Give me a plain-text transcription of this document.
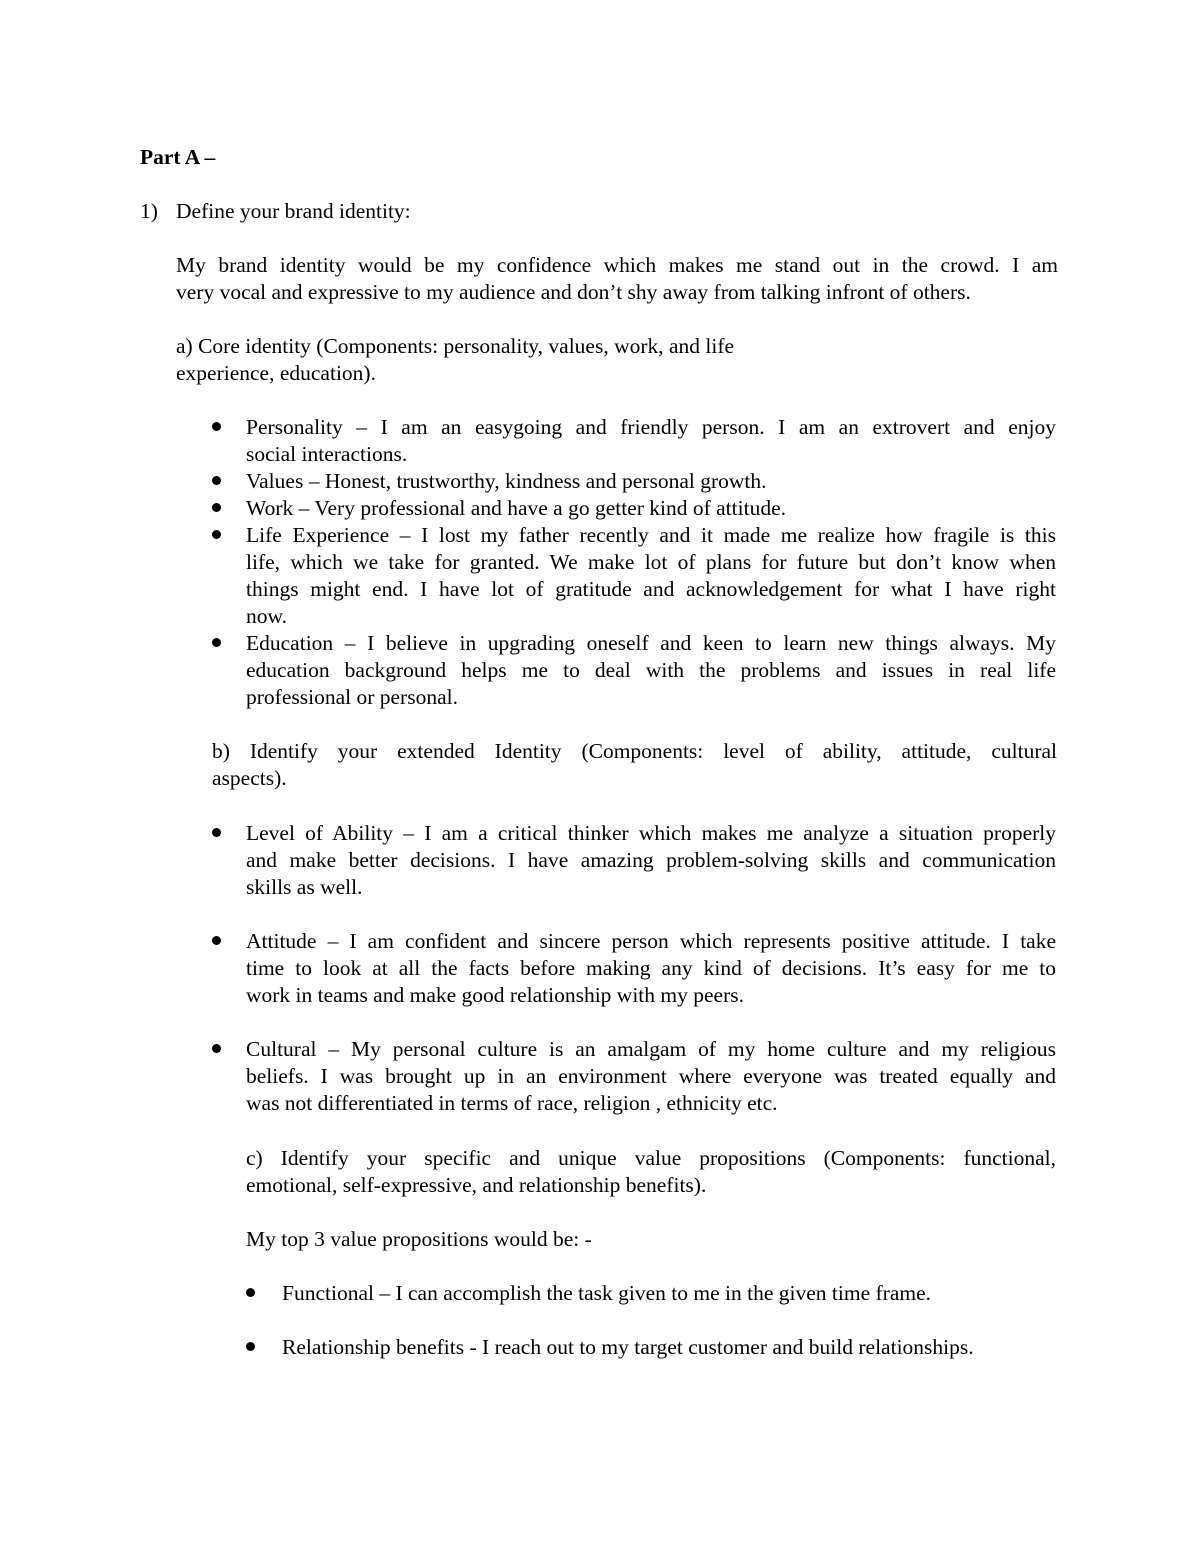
Part A –
1) Define your brand identity:
My brand identity would be my confidence which makes me stand out in the crowd. I am
very vocal and expressive to my audience and don’t shy away from talking infront of others.
a) Core identity (Components: personality, values, work, and life
experience, education).
Personality – I am an easygoing and friendly person. I am an extrovert and enjoy
social interactions.
Values – Honest, trustworthy, kindness and personal growth.
Work – Very professional and have a go getter kind of attitude.
Life Experience – I lost my father recently and it made me realize how fragile is this
life, which we take for granted. We make lot of plans for future but don’t know when
things might end. I have lot of gratitude and acknowledgement for what I have right
now.
Education – I believe in upgrading oneself and keen to learn new things always. My
education background helps me to deal with the problems and issues in real life
professional or personal.
b) Identify your extended Identity (Components: level of ability, attitude, cultural
aspects).
Level of Ability – I am a critical thinker which makes me analyze a situation properly
and make better decisions. I have amazing problem-solving skills and communication
skills as well.
Attitude – I am confident and sincere person which represents positive attitude. I take
time to look at all the facts before making any kind of decisions. It’s easy for me to
work in teams and make good relationship with my peers.
Cultural – My personal culture is an amalgam of my home culture and my religious
beliefs. I was brought up in an environment where everyone was treated equally and
was not differentiated in terms of race, religion , ethnicity etc.
c) Identify your specific and unique value propositions (Components: functional,
emotional, self-expressive, and relationship benefits).
My top 3 value propositions would be: -
Functional – I can accomplish the task given to me in the given time frame.
Relationship benefits - I reach out to my target customer and build relationships.
